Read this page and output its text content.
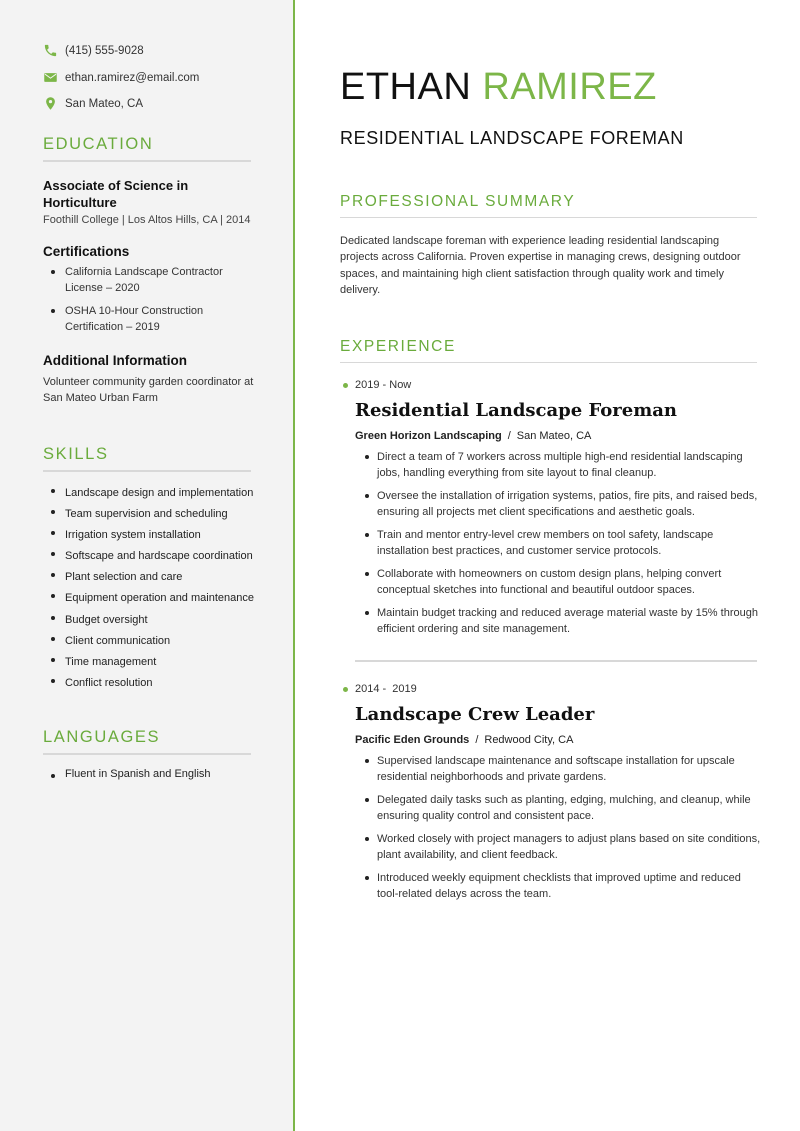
(415) 555-9028
ethan.ramirez@email.com
San Mateo, CA
EDUCATION
Associate of Science in Horticulture
Foothill College | Los Altos Hills, CA | 2014
Certifications
California Landscape Contractor License – 2020
OSHA 10-Hour Construction Certification – 2019
Additional Information
Volunteer community garden coordinator at San Mateo Urban Farm
SKILLS
Landscape design and implementation
Team supervision and scheduling
Irrigation system installation
Softscape and hardscape coordination
Plant selection and care
Equipment operation and maintenance
Budget oversight
Client communication
Time management
Conflict resolution
LANGUAGES
Fluent in Spanish and English
ETHAN RAMIREZ
RESIDENTIAL LANDSCAPE FOREMAN
PROFESSIONAL SUMMARY
Dedicated landscape foreman with experience leading residential landscaping projects across California. Proven expertise in managing crews, designing outdoor spaces, and maintaining high client satisfaction through quality work and timely delivery.
EXPERIENCE
2019 - Now
Residential Landscape Foreman
Green Horizon Landscaping / San Mateo, CA
Direct a team of 7 workers across multiple high-end residential landscaping jobs, handling everything from site layout to final cleanup.
Oversee the installation of irrigation systems, patios, fire pits, and raised beds, ensuring all projects met client specifications and aesthetic goals.
Train and mentor entry-level crew members on tool safety, landscape installation best practices, and customer service protocols.
Collaborate with homeowners on custom design plans, helping convert conceptual sketches into functional and beautiful outdoor spaces.
Maintain budget tracking and reduced average material waste by 15% through efficient ordering and site management.
2014 -  2019
Landscape Crew Leader
Pacific Eden Grounds / Redwood City, CA
Supervised landscape maintenance and softscape installation for upscale residential neighborhoods and private gardens.
Delegated daily tasks such as planting, edging, mulching, and cleanup, while ensuring quality control and consistent pace.
Worked closely with project managers to adjust plans based on site conditions, plant availability, and client feedback.
Introduced weekly equipment checklists that improved uptime and reduced tool-related delays across the team.
